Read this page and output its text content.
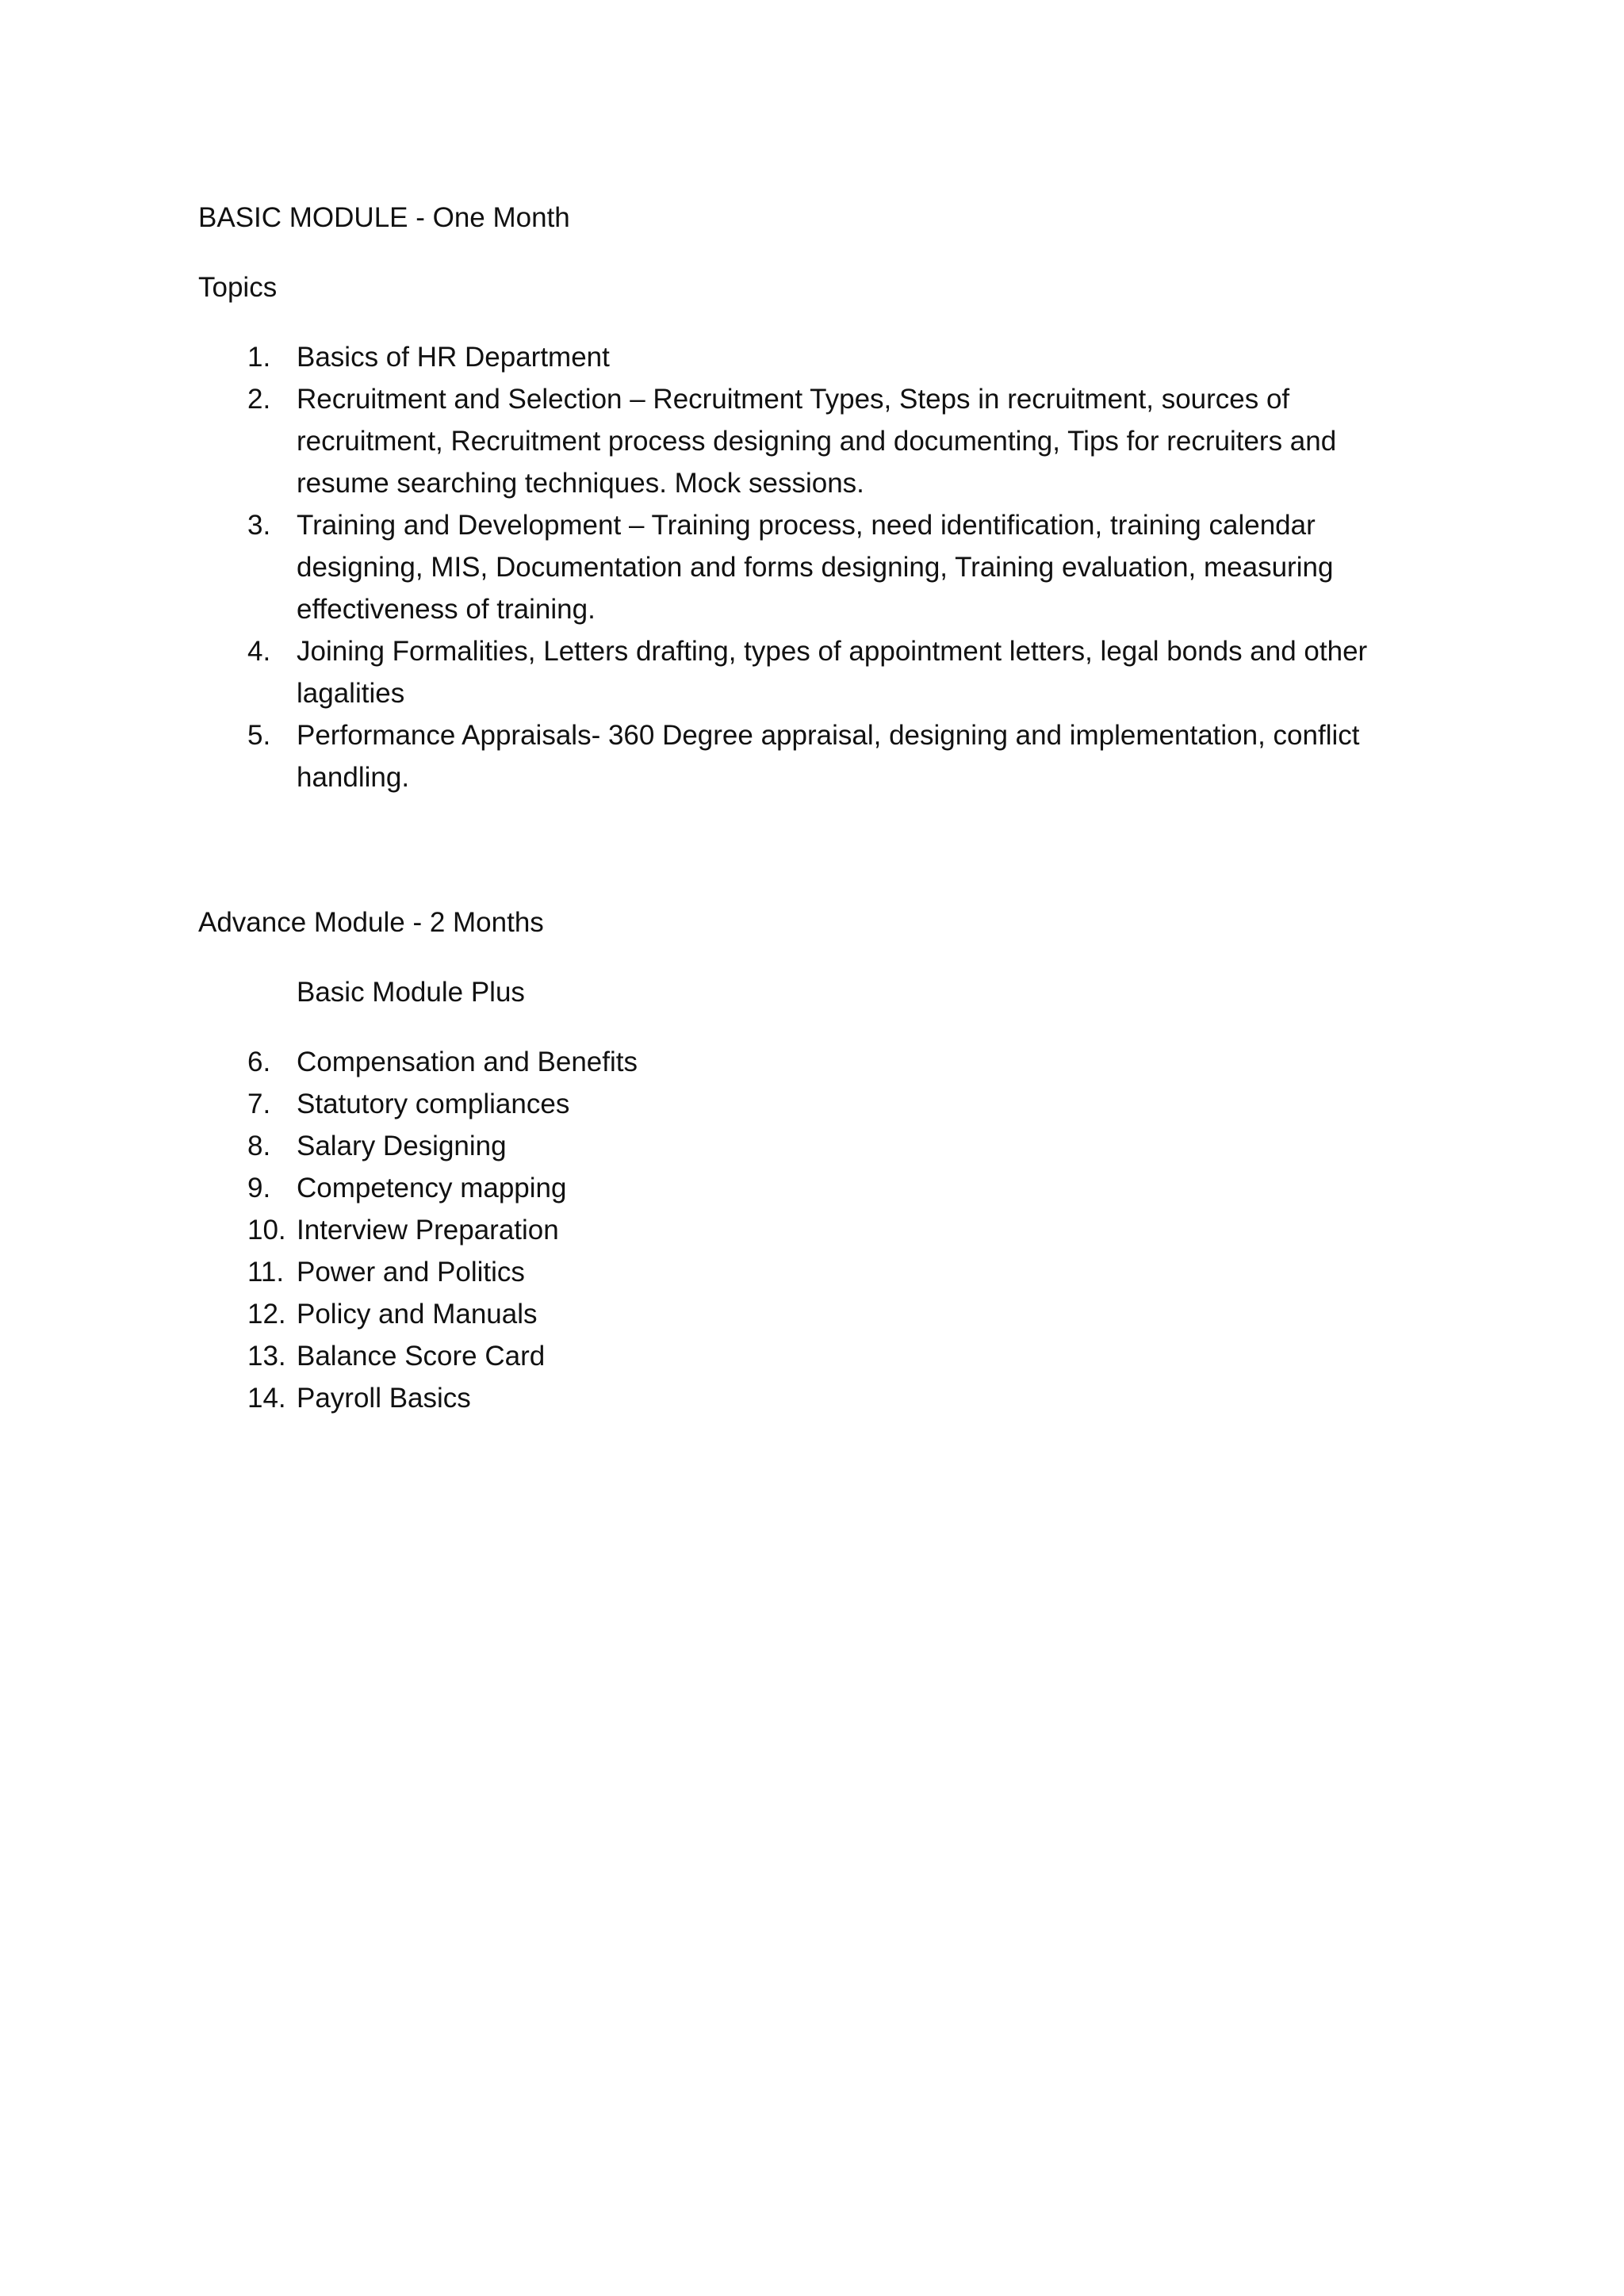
BASIC MODULE - One Month
Topics
1. Basics of HR Department
2. Recruitment and Selection – Recruitment Types, Steps in recruitment, sources of recruitment, Recruitment process designing and documenting, Tips for recruiters and resume searching techniques. Mock sessions.
3. Training and Development – Training process, need identification, training calendar designing, MIS, Documentation and forms designing, Training evaluation, measuring effectiveness of training.
4. Joining Formalities, Letters drafting, types of appointment letters, legal bonds and other lagalities
5. Performance Appraisals- 360 Degree appraisal, designing and implementation, conflict handling.
Advance Module - 2 Months
Basic Module Plus
6. Compensation and Benefits
7. Statutory compliances
8. Salary Designing
9. Competency mapping
10. Interview Preparation
11. Power and Politics
12. Policy and Manuals
13. Balance Score Card
14. Payroll Basics
